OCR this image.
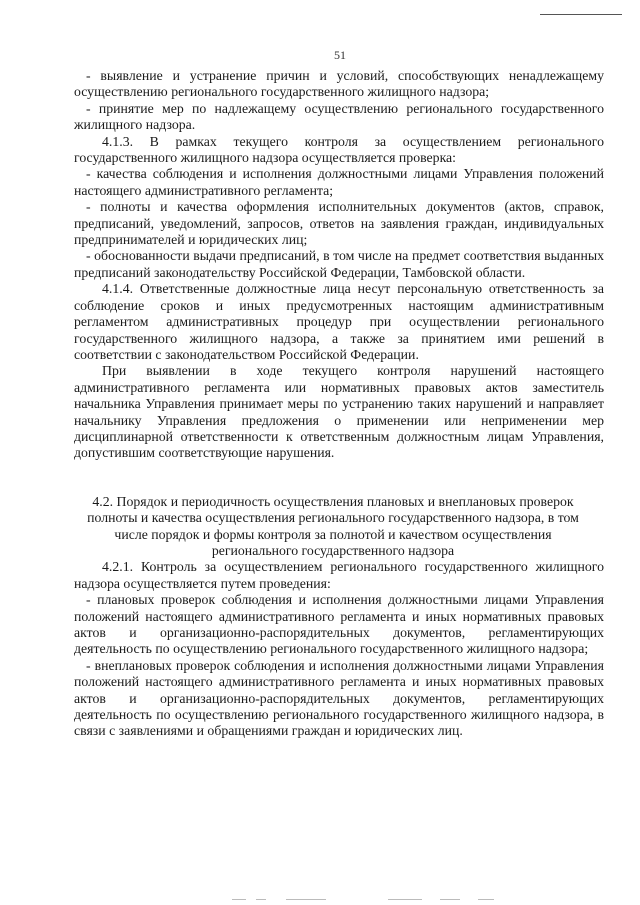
51

- выявление и устранение причин и условий, способствующих ненадлежащему осуществлению регионального государственного жилищного надзора;

- принятие мер по надлежащему осуществлению регионального государственного жилищного надзора.

4.1.3. В рамках текущего контроля за осуществлением регионального государственного жилищного надзора осуществляется проверка:

- качества соблюдения и исполнения должностными лицами Управления положений настоящего административного регламента;

- полноты и качества оформления исполнительных документов (актов, справок, предписаний, уведомлений, запросов, ответов на заявления граждан, индивидуальных предпринимателей и юридических лиц;

- обоснованности выдачи предписаний, в том числе на предмет соответствия выданных предписаний законодательству Российской Федерации, Тамбовской области.

4.1.4. Ответственные должностные лица несут персональную ответственность за соблюдение сроков и иных предусмотренных настоящим административным регламентом административных процедур при осуществлении регионального государственного жилищного надзора, а также за принятием ими решений в соответствии с законодательством Российской Федерации.

При выявлении в ходе текущего контроля нарушений настоящего административного регламента или нормативных правовых актов заместитель начальника Управления принимает меры по устранению таких нарушений и направляет начальнику Управления предложения о применении или неприменении мер дисциплинарной ответственности к ответственным должностным лицам Управления, допустившим соответствующие нарушения.

4.2. Порядок и периодичность осуществления плановых и внеплановых проверок полноты и качества осуществления регионального государственного надзора, в том числе порядок и формы контроля за полнотой и качеством осуществления регионального государственного надзора

4.2.1. Контроль за осуществлением регионального государственного жилищного надзора осуществляется путем проведения:

- плановых проверок соблюдения и исполнения должностными лицами Управления положений настоящего административного регламента и иных нормативных правовых актов и организационно-распорядительных документов, регламентирующих деятельность по осуществлению регионального государственного жилищного надзора;

- внеплановых проверок соблюдения и исполнения должностными лицами Управления положений настоящего административного регламента и иных нормативных правовых актов и организационно-распорядительных документов, регламентирующих деятельность по осуществлению регионального государственного жилищного надзора, в связи с заявлениями и обращениями граждан и юридических лиц.
